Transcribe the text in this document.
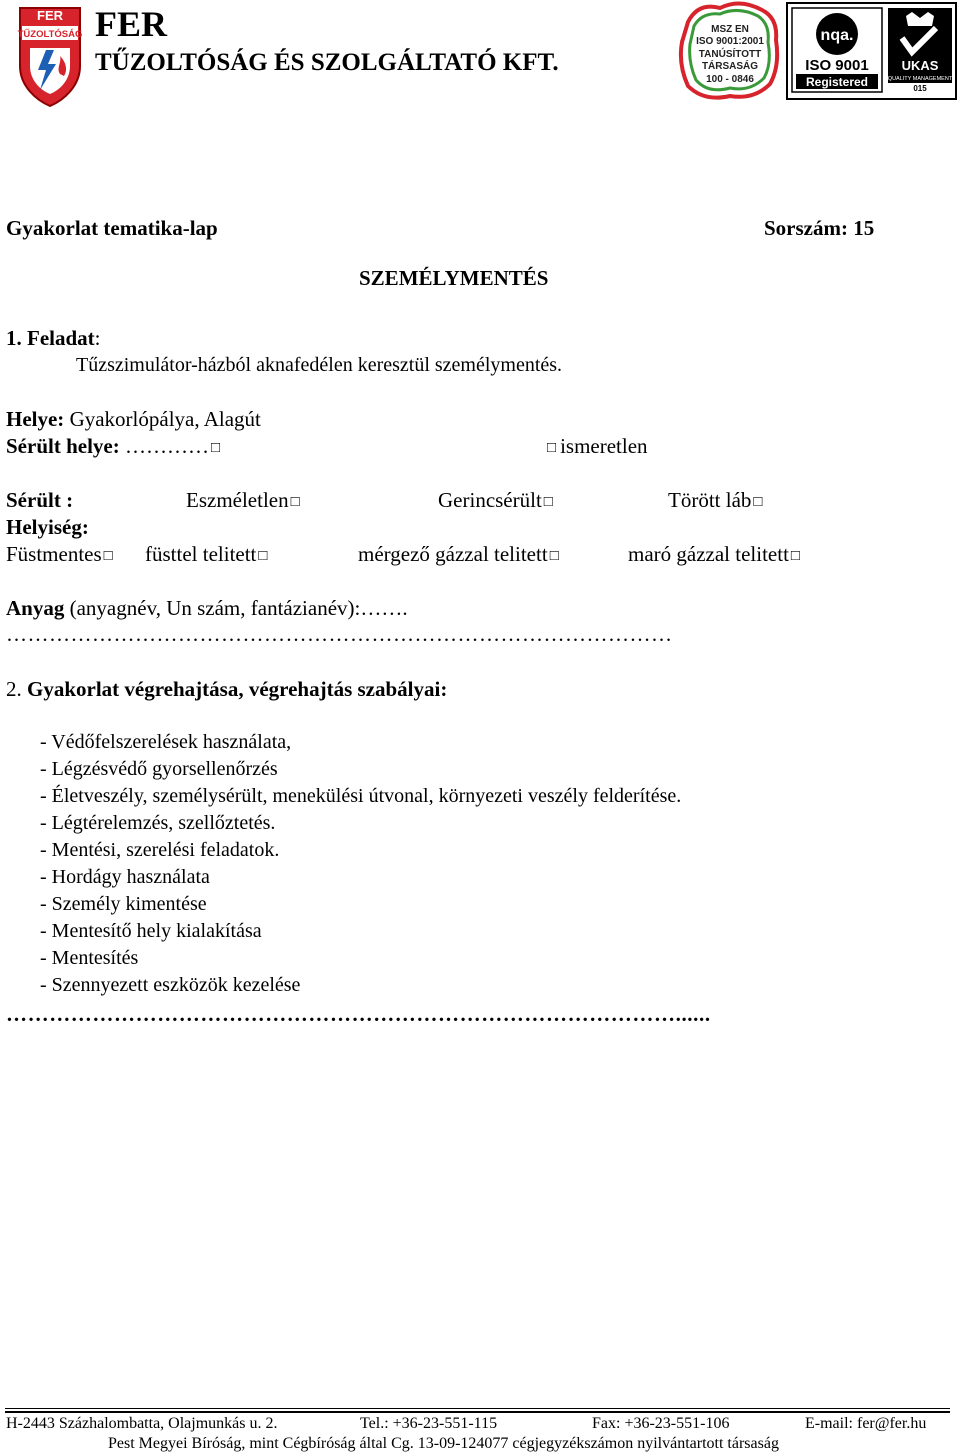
FER
TŰZOLTÓSÁG FER
TŰZOLTÓSÁG ÉS SZOLGÁLTATÓ KFT.
MSZ EN
ISO 9001:2001
TANÚSÍTOTT
TÁRSASÁG
100 - 0846
nqa.
ISO 9001
Registered
UKAS
QUALITY MANAGEMENT
015
Gyakorlat tematika-lap	Sorszám: 15
SZEMÉLYMENTÉS
1. Feladat:
Tűzszimulátor-házból aknafedélen keresztül személymentés.
Helye: Gyakorlópálya, Alagút
Sérült helye: ………… □
□	ismeretlen
Sérült :	Eszméletlen □	Gerincsérült □	Törött láb □
Helyiség:
Füstmentes □	füsttel telitett □	mérgező gázzal telitett □	maró gázzal telitett □
Anyag (anyagnév, Un szám, fantázianév):…….
…………………………………………………………………………………
2. Gyakorlat végrehajtása, végrehajtás szabályai:
- Védőfelszerelések használata,
- Légzésvédő gyorsellenőrzés
- Életveszély, személysérült, menekülési útvonal, környezeti veszély felderítése.
- Légtérelemzés, szellőztetés.
- Mentési, szerelési feladatok.
- Hordágy használata
- Személy kimentése
- Mentesítő hely kialakítása
- Mentesítés
- Szennyezett eszközök kezelése
…………………………………………………………………………………......
H-2443 Százhalombatta, Olajmunkás u. 2.	Tel.: +36-23-551-115	Fax: +36-23-551-106	E-mail: fer@fer.hu
Pest Megyei Bíróság, mint Cégbíróság által Cg. 13-09-124077 cégjegyzékszámon nyilvántartott társaság
